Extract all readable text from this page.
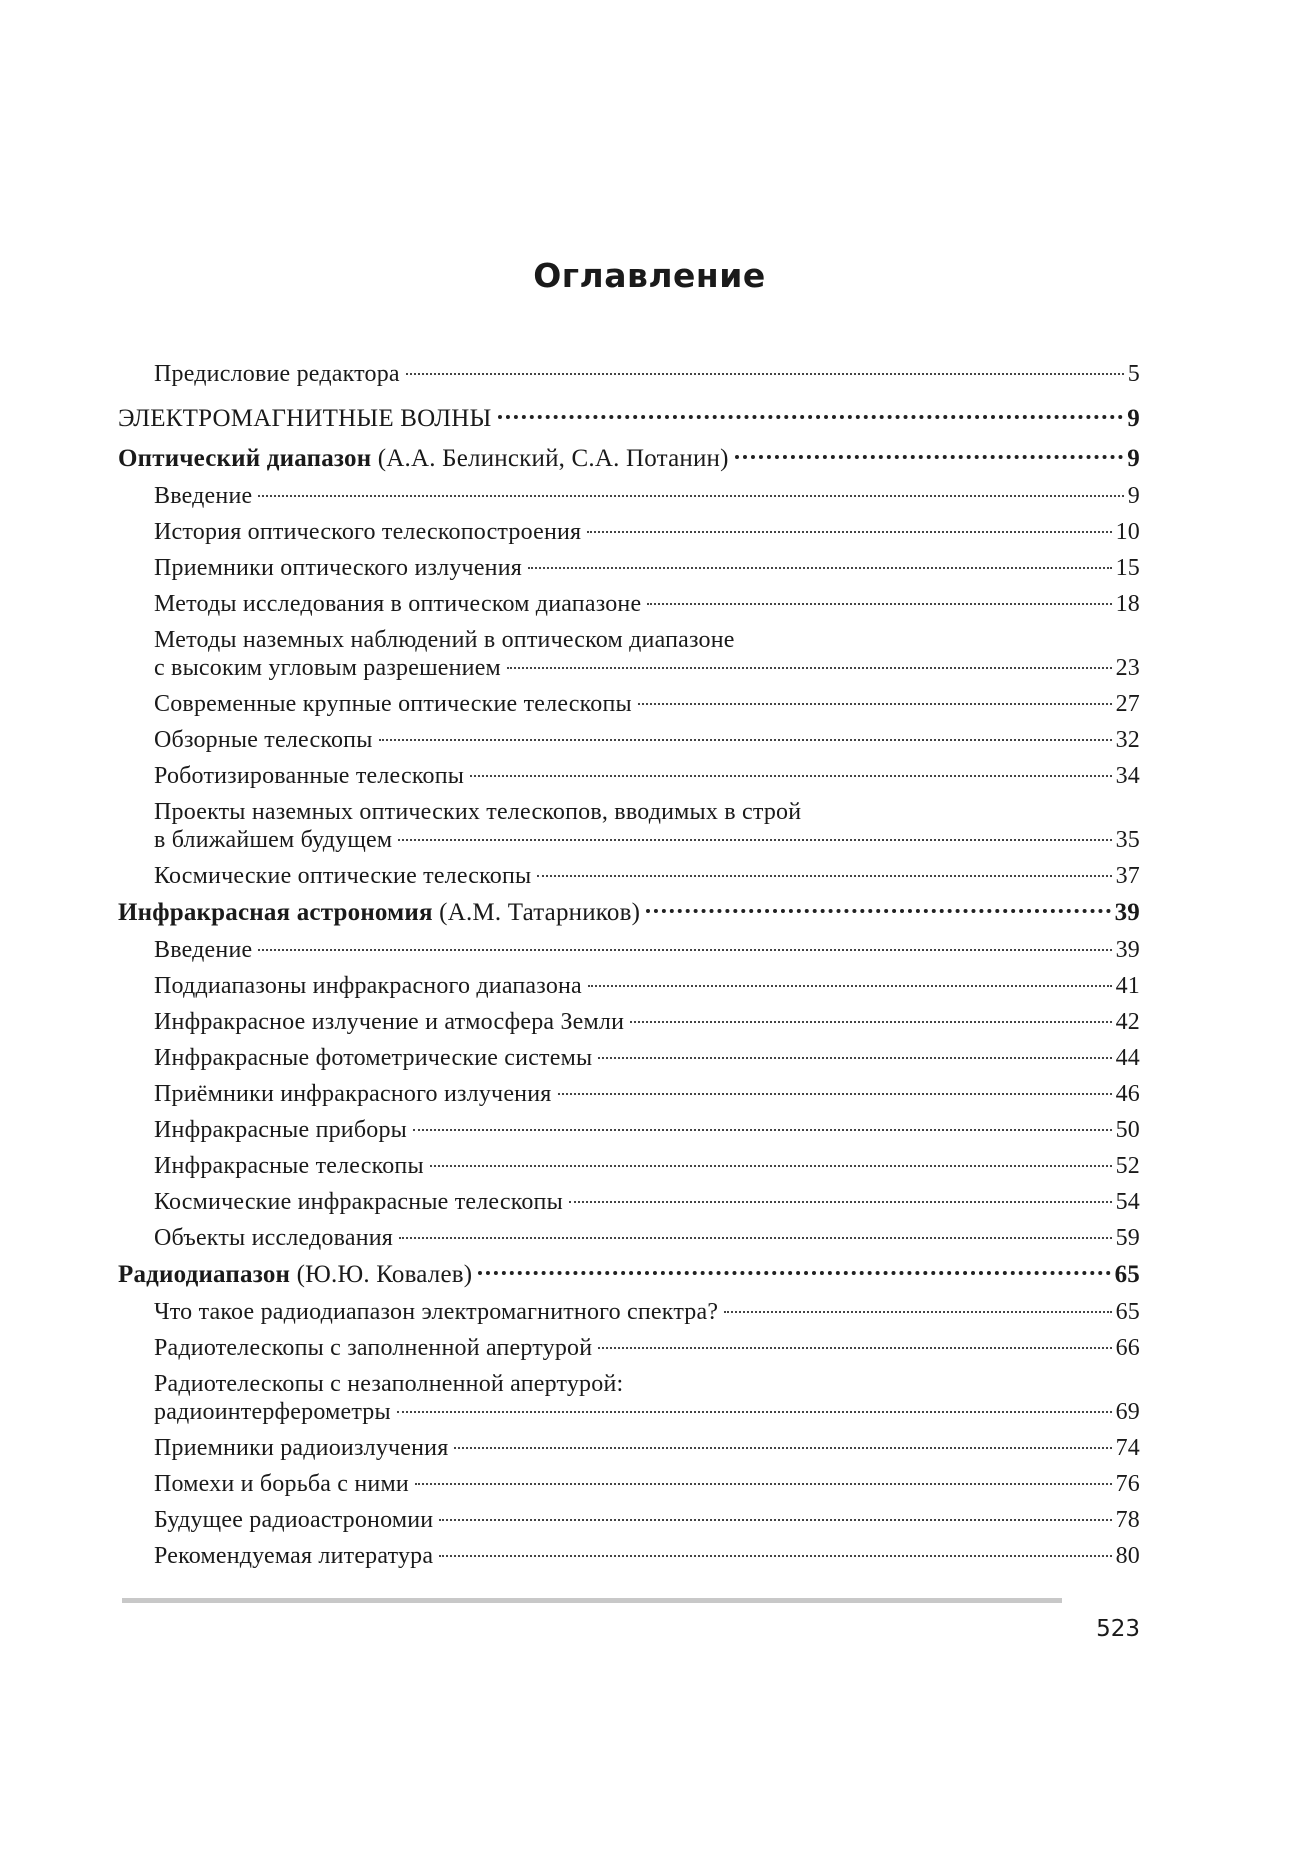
Оглавление
Предисловие редактора	5
ЭЛЕКТРОМАГНИТНЫЕ ВОЛНЫ	9
Оптический диапазон (А.А. Белинский, С.А. Потанин)	9
Введение	9
История оптического телескопостроения	10
Приемники оптического излучения	15
Методы исследования в оптическом диапазоне	18
Методы наземных наблюдений в оптическом диапазоне
с высоким угловым разрешением	23
Современные крупные оптические телескопы	27
Обзорные телескопы	32
Роботизированные телескопы	34
Проекты наземных оптических телескопов, вводимых в строй
в ближайшем будущем	35
Космические оптические телескопы	37
Инфракрасная астрономия (А.М. Татарников)	39
Введение	39
Поддиапазоны инфракрасного диапазона	41
Инфракрасное излучение и атмосфера Земли	42
Инфракрасные фотометрические системы	44
Приёмники инфракрасного излучения	46
Инфракрасные приборы	50
Инфракрасные телескопы	52
Космические инфракрасные телескопы	54
Объекты исследования	59
Радиодиапазон (Ю.Ю. Ковалев)	65
Что такое радиодиапазон электромагнитного спектра?	65
Радиотелескопы с заполненной апертурой	66
Радиотелескопы с незаполненной апертурой:
радиоинтерферометры	69
Приемники радиоизлучения	74
Помехи и борьба с ними	76
Будущее радиоастрономии	78
Рекомендуемая литература	80
523
